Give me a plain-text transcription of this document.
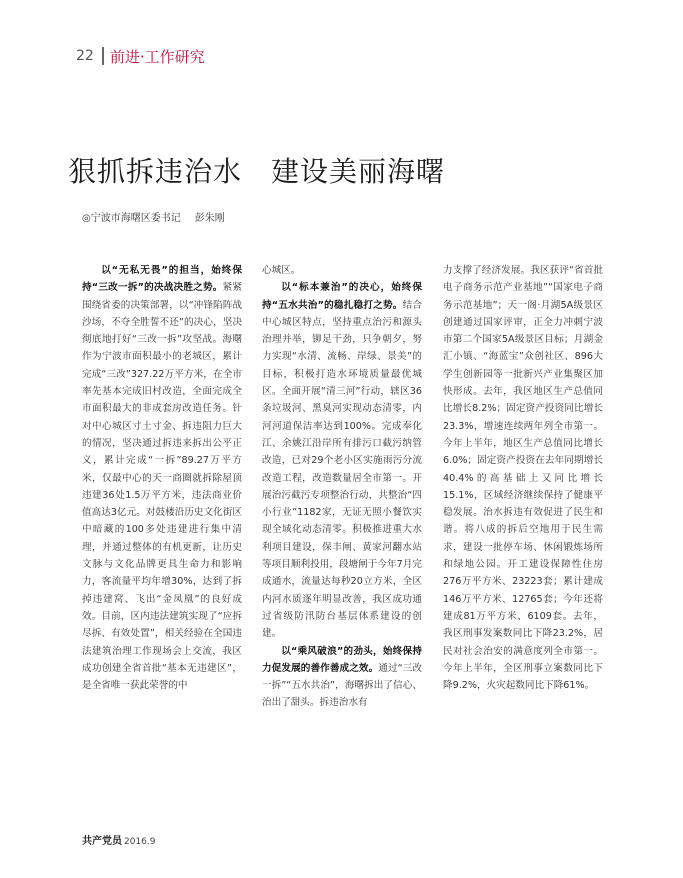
22 前进·工作研究
狠抓拆违治水　建设美丽海曙
◎宁波市海曙区委书记 彭朱刚

以“无私无畏”的担当，始终保持“三改一拆”的决战决胜之势。紧紧围绕省委的决策部署，以“冲锋陷阵战沙场，不夺全胜誓不还”的决心，坚决彻底地打好“三改一拆”攻坚战。海曙作为宁波市面积最小的老城区，累计完成“三改”327.22万平方米，在全市率先基本完成旧村改造，全面完成全市面积最大的非成套房改造任务。针对中心城区寸土寸金、拆违阻力巨大的情况，坚决通过拆违来拆出公平正义，累计完成“一拆”89.27万平方米，仅最中心的天一商圈就拆除屋顶违建36处1.5万平方米，违法商业价值高达3亿元。对鼓楼沿历史文化街区中暗藏的100多处违建进行集中清理，并通过整体的有机更新，让历史文脉与文化品牌更具生命力和影响力，客流量平均年增30%，达到了拆掉违建窝、飞出“金凤凰”的良好成效。目前，区内违法建筑实现了“应拆尽拆、有效处置”，相关经验在全国违法建筑治理工作现场会上交流，我区成功创建全省首批“基本无违建区”，是全省唯一获此荣誉的中

心城区。

以“标本兼治”的决心，始终保持“五水共治”的稳扎稳打之势。结合中心城区特点，坚持重点治污和源头治理并举，铆足干劲，只争朝夕，努力实现“水清、流畅、岸绿、景美”的目标，积极打造水环境质量最优城区。全面开展“清三河”行动，辖区36条垃圾河、黑臭河实现动态清零，内河河道保洁率达到100%。完成奉化江、余姚江沿岸所有排污口截污纳管改造，已对29个老小区实施雨污分流改造工程，改造数量居全市第一。开展治污截污专项整治行动，共整治“四小行业”1182家，无证无照小餐饮实现全域化动态清零。积极推进重大水利项目建设，保丰闸、黄家河翻水站等项目顺利投用，段塘闸于今年7月完成通水，流量达每秒20立方米，全区内河水质逐年明显改善，我区成功通过省级防汛防台基层体系建设的创建。

以“乘风破浪”的劲头，始终保持力促发展的善作善成之效。通过“三改一拆”“五水共治”，海曙拆出了信心、治出了甜头。拆违治水有

力支撑了经济发展。我区获评“省首批电子商务示范产业基地”“国家电子商务示范基地”；天一阁·月湖5A级景区创建通过国家评审，正全力冲刺宁波市第二个国家5A级景区目标；月湖金汇小镇、“海蓝宝”众创社区、896大学生创新园等一批新兴产业集聚区加快形成。去年，我区地区生产总值同比增长8.2%；固定资产投资同比增长23.3%，增速连续两年列全市第一。今年上半年，地区生产总值同比增长6.0%；固定资产投资在去年同期增长40.4%的高基础上又同比增长15.1%，区域经济继续保持了健康平稳发展。治水拆违有效促进了民生和谐。将八成的拆后空地用于民生需求，建设一批停车场、休闲锻炼场所和绿地公园。开工建设保障性住房276万平方米、23223套；累计建成146万平方米、12765套；今年还将建成81万平方米、6109套。去年，我区刑事发案数同比下降23.2%，居民对社会治安的满意度列全市第一。今年上半年，全区刑事立案数同比下降9.2%，火灾起数同比下降61%。

共产党员 2016.9
